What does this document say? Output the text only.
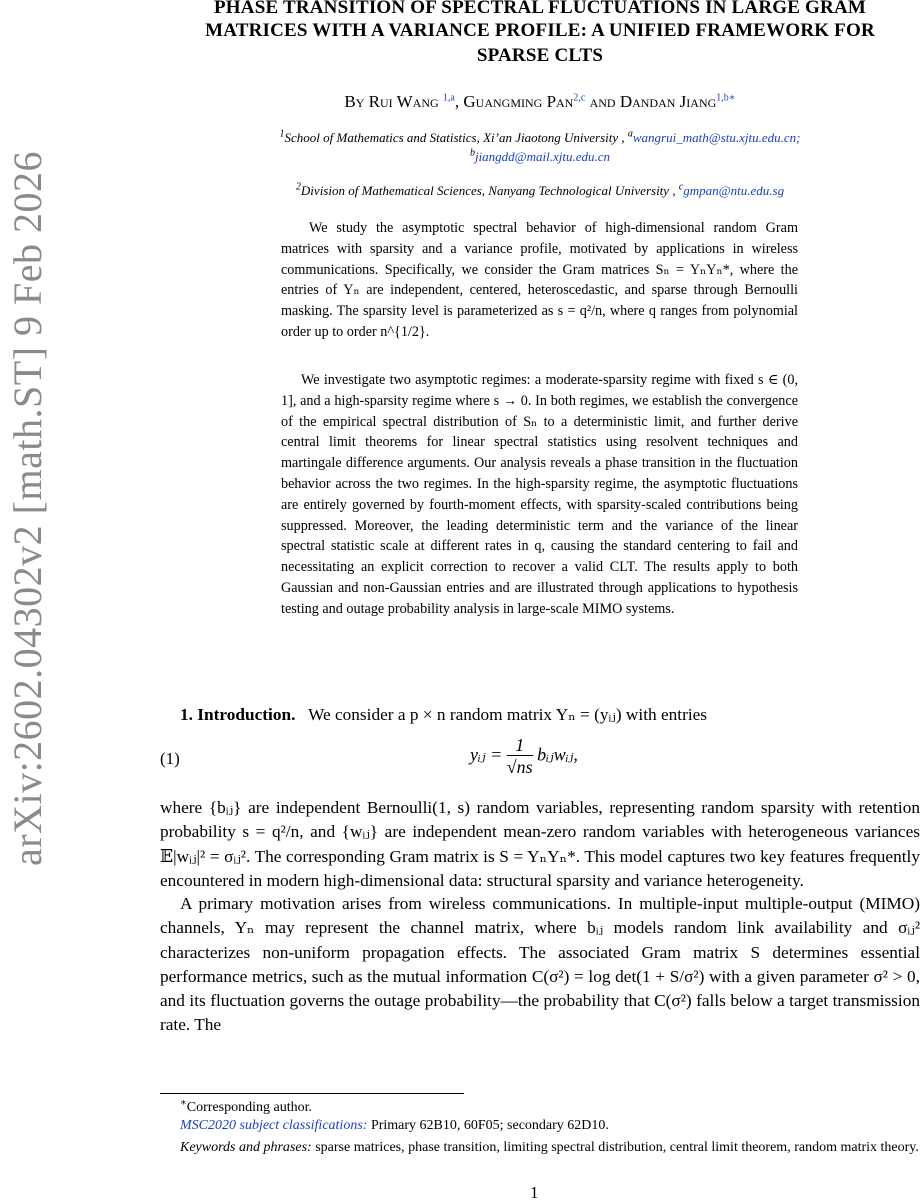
arXiv:2602.04302v2 [math.ST] 9 Feb 2026
PHASE TRANSITION OF SPECTRAL FLUCTUATIONS IN LARGE GRAM
MATRICES WITH A VARIANCE PROFILE: A UNIFIED FRAMEWORK FOR
SPARSE CLTS
By Rui Wang $^{1,a}$, Guangming Pan$^{2,c}$ and Dandan Jiang$^{1,b∗}$
$^1$School of Mathematics and Statistics, Xi’an Jiaotong University , $^a$wangrui_math@stu.xjtu.edu.cn;
$^b$jiangdd@mail.xjtu.edu.cn
$^2$Division of Mathematical Sciences, Nanyang Technological University , $^c$gmpan@ntu.edu.sg
We study the asymptotic spectral behavior of high-dimensional random Gram matrices with sparsity and a variance profile, motivated by applications in wireless communications. Specifically, we consider the Gram matrices Sₙ = YₙYₙ*, where the entries of Yₙ are independent, centered, heteroscedastic, and sparse through Bernoulli masking. The sparsity level is parameterized as s = q²/n, where q ranges from polynomial order up to order n^{1/2}.
We investigate two asymptotic regimes: a moderate-sparsity regime with fixed s ∈ (0, 1], and a high-sparsity regime where s → 0. In both regimes, we establish the convergence of the empirical spectral distribution of Sₙ to a deterministic limit, and further derive central limit theorems for linear spectral statistics using resolvent techniques and martingale difference arguments. Our analysis reveals a phase transition in the fluctuation behavior across the two regimes. In the high-sparsity regime, the asymptotic fluctuations are entirely governed by fourth-moment effects, with sparsity-scaled contributions being suppressed. Moreover, the leading deterministic term and the variance of the linear spectral statistic scale at different rates in q, causing the standard centering to fail and necessitating an explicit correction to recover a valid CLT. The results apply to both Gaussian and non-Gaussian entries and are illustrated through applications to hypothesis testing and outage probability analysis in large-scale MIMO systems.
1. Introduction. We consider a p × n random matrix Yₙ = (yᵢⱼ) with entries
(1)	yᵢⱼ = $\frac{1}{√ns}$ bᵢⱼwᵢⱼ,
where {bᵢⱼ} are independent Bernoulli(1, s) random variables, representing random sparsity with retention probability s = q²/n, and {wᵢⱼ} are independent mean-zero random variables with heterogeneous variances 𝔼|wᵢⱼ|² = σᵢⱼ². The corresponding Gram matrix is S = YₙYₙ*. This model captures two key features frequently encountered in modern high-dimensional data: structural sparsity and variance heterogeneity.
A primary motivation arises from wireless communications. In multiple-input multiple-output (MIMO) channels, Yₙ may represent the channel matrix, where bᵢⱼ models random link availability and σᵢⱼ² characterizes non-uniform propagation effects. The associated Gram matrix S determines essential performance metrics, such as the mutual information C(σ²) = log det(1 + S/σ²) with a given parameter σ² > 0, and its fluctuation governs the outage probability—the probability that C(σ²) falls below a target transmission rate. The
∗Corresponding author.
MSC2020 subject classifications: Primary 62B10, 60F05; secondary 62D10.
Keywords and phrases: sparse matrices, phase transition, limiting spectral distribution, central limit theorem, random matrix theory.
1
